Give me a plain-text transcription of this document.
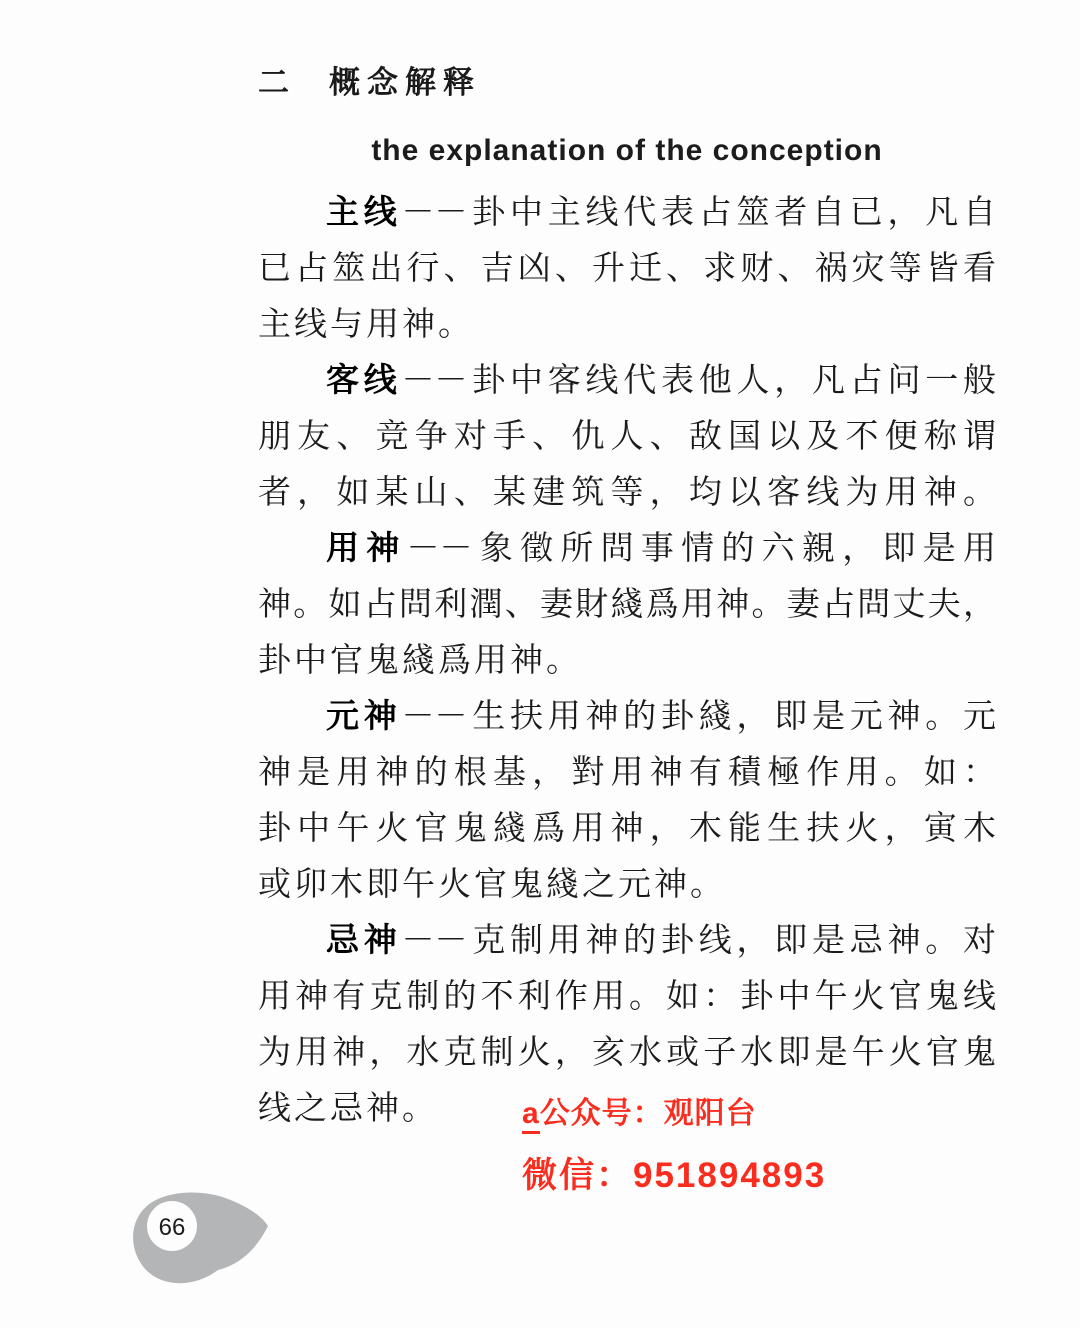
二 概念解释
the explanation of the conception
主线－－卦中主线代表占筮者自已，凡自
已占筮出行、吉凶、升迁、求财、祸灾等皆看
主线与用神。
客线－－卦中客线代表他人，凡占问一般
朋友、竞争对手、仇人、敌国以及不便称谓
者，如某山、某建筑等，均以客线为用神。
用神－－象徵所問事情的六親，即是用
神。如占問利潤、妻財綫爲用神。妻占問丈夫，
卦中官鬼綫爲用神。
元神－－生扶用神的卦綫，即是元神。元
神是用神的根基，對用神有積極作用。如：
卦中午火官鬼綫爲用神，木能生扶火，寅木
或卯木即午火官鬼綫之元神。
忌神－－克制用神的卦线，即是忌神。对
用神有克制的不利作用。如：卦中午火官鬼线
为用神，水克制火，亥水或子水即是午火官鬼
线之忌神。	a公众号：观阳台
微信：951894893
66
